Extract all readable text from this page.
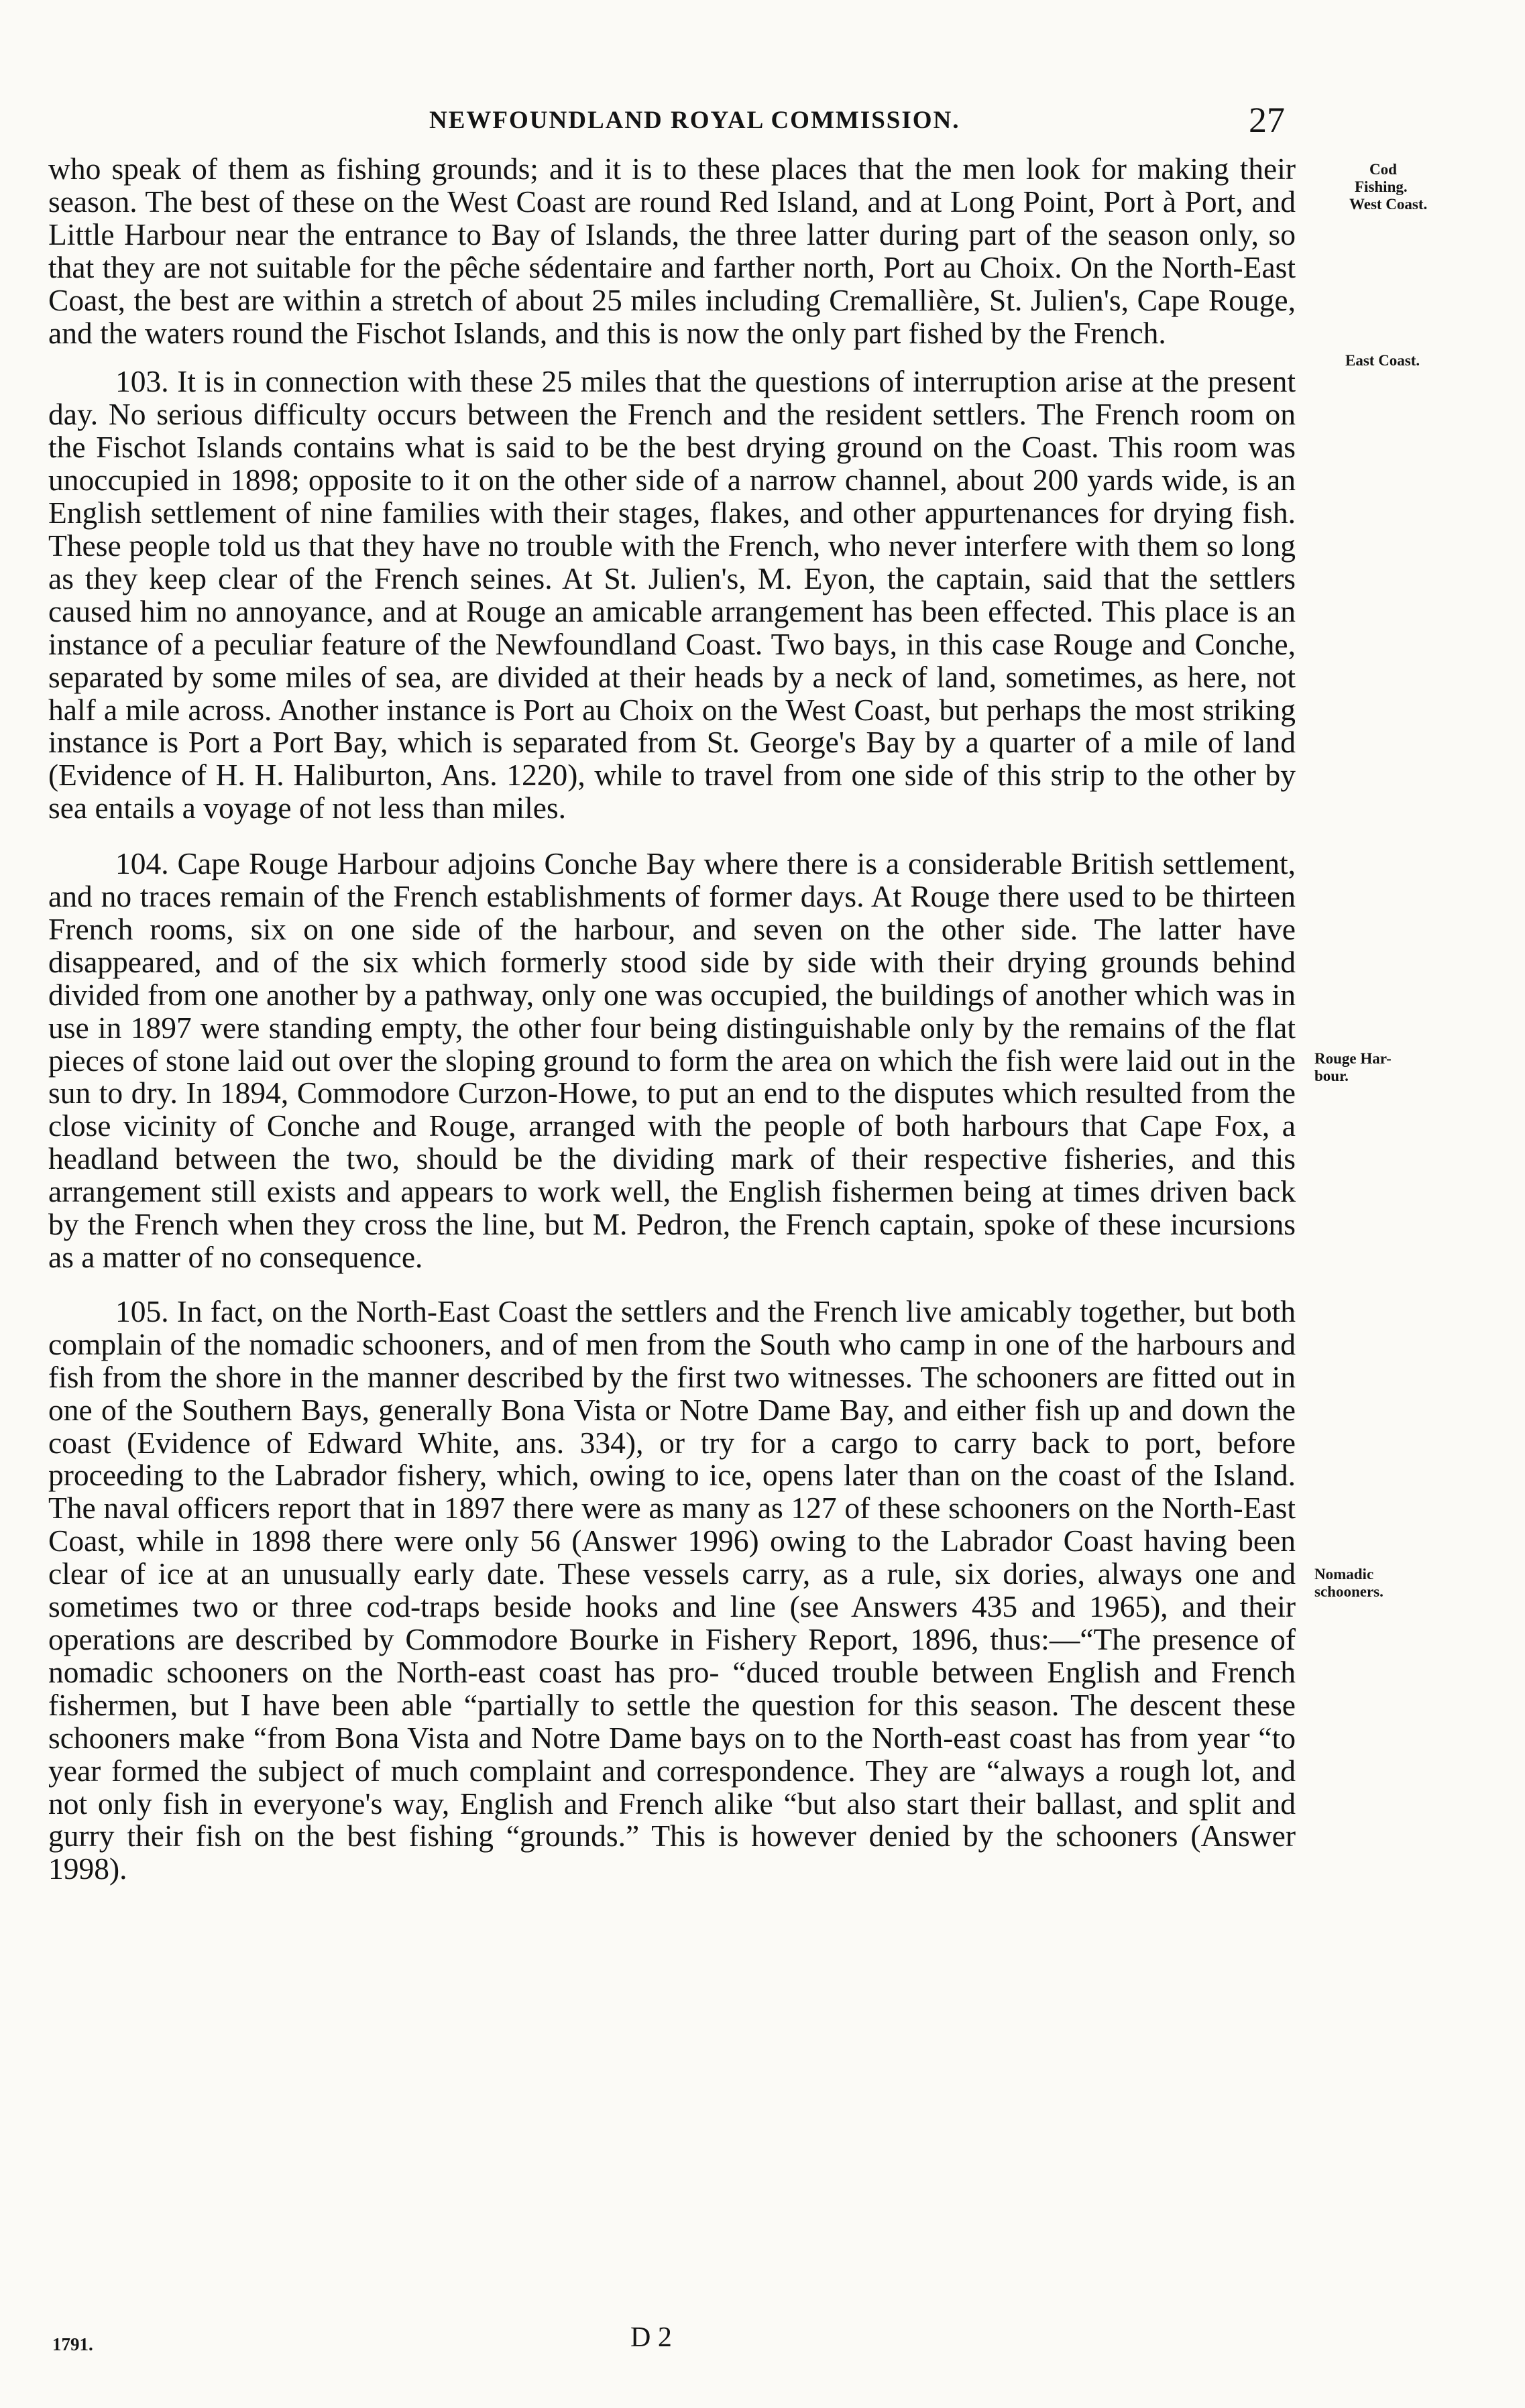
NEWFOUNDLAND ROYAL COMMISSION.	27

who speak of them as fishing grounds; and it is to these places that the men look for making their season. The best of these on the West Coast are round Red Island, and at Long Point, Port à Port, and Little Harbour near the entrance to Bay of Islands, the three latter during part of the season only, so that they are not suitable for the pêche sédentaire and farther north, Port au Choix. On the North-East Coast, the best are within a stretch of about 25 miles including Cremallière, St. Julien's, Cape Rouge, and the waters round the Fischot Islands, and this is now the only part fished by the French.

103. It is in connection with these 25 miles that the questions of interruption arise at the present day. No serious difficulty occurs between the French and the resident settlers. The French room on the Fischot Islands contains what is said to be the best drying ground on the Coast. This room was unoccupied in 1898; opposite to it on the other side of a narrow channel, about 200 yards wide, is an English settlement of nine families with their stages, flakes, and other appurtenances for drying fish. These people told us that they have no trouble with the French, who never interfere with them so long as they keep clear of the French seines. At St. Julien's, M. Eyon, the captain, said that the settlers caused him no annoyance, and at Rouge an amicable arrangement has been effected. This place is an instance of a peculiar feature of the Newfoundland Coast. Two bays, in this case Rouge and Conche, separated by some miles of sea, are divided at their heads by a neck of land, sometimes, as here, not half a mile across. Another instance is Port au Choix on the West Coast, but perhaps the most striking instance is Port a Port Bay, which is separated from St. George's Bay by a quarter of a mile of land (Evidence of H. H. Haliburton, Ans. 1220), while to travel from one side of this strip to the other by sea entails a voyage of not less than miles.

104. Cape Rouge Harbour adjoins Conche Bay where there is a considerable British settlement, and no traces remain of the French establishments of former days. At Rouge there used to be thirteen French rooms, six on one side of the harbour, and seven on the other side. The latter have disappeared, and of the six which formerly stood side by side with their drying grounds behind divided from one another by a pathway, only one was occupied, the buildings of another which was in use in 1897 were standing empty, the other four being distinguishable only by the remains of the flat pieces of stone laid out over the sloping ground to form the area on which the fish were laid out in the sun to dry. In 1894, Commodore Curzon-Howe, to put an end to the disputes which resulted from the close vicinity of Conche and Rouge, arranged with the people of both harbours that Cape Fox, a headland between the two, should be the dividing mark of their respective fisheries, and this arrangement still exists and appears to work well, the English fishermen being at times driven back by the French when they cross the line, but M. Pedron, the French captain, spoke of these incursions as a matter of no consequence.

105. In fact, on the North-East Coast the settlers and the French live amicably together, but both complain of the nomadic schooners, and of men from the South who camp in one of the harbours and fish from the shore in the manner described by the first two witnesses. The schooners are fitted out in one of the Southern Bays, generally Bona Vista or Notre Dame Bay, and either fish up and down the coast (Evidence of Edward White, ans. 334), or try for a cargo to carry back to port, before proceeding to the Labrador fishery, which, owing to ice, opens later than on the coast of the Island. The naval officers report that in 1897 there were as many as 127 of these schooners on the North-East Coast, while in 1898 there were only 56 (Answer 1996) owing to the Labrador Coast having been clear of ice at an unusually early date. These vessels carry, as a rule, six dories, always one and sometimes two or three cod-traps beside hooks and line (see Answers 435 and 1965), and their operations are described by Commodore Bourke in Fishery Report, 1896, thus:—“The presence of nomadic schooners on the North-east coast has pro- “duced trouble between English and French fishermen, but I have been able “partially to settle the question for this season. The descent these schooners make “from Bona Vista and Notre Dame bays on to the North-east coast has from year “to year formed the subject of much complaint and correspondence. They are “always a rough lot, and not only fish in everyone's way, English and French alike “but also start their ballast, and split and gurry their fish on the best fishing “grounds.” This is however denied by the schooners (Answer 1998).

Cod
Fishing.
West Coast.
East Coast.
Rouge Har-
bour.
Nomadic
schooners.
1791.	D 2
